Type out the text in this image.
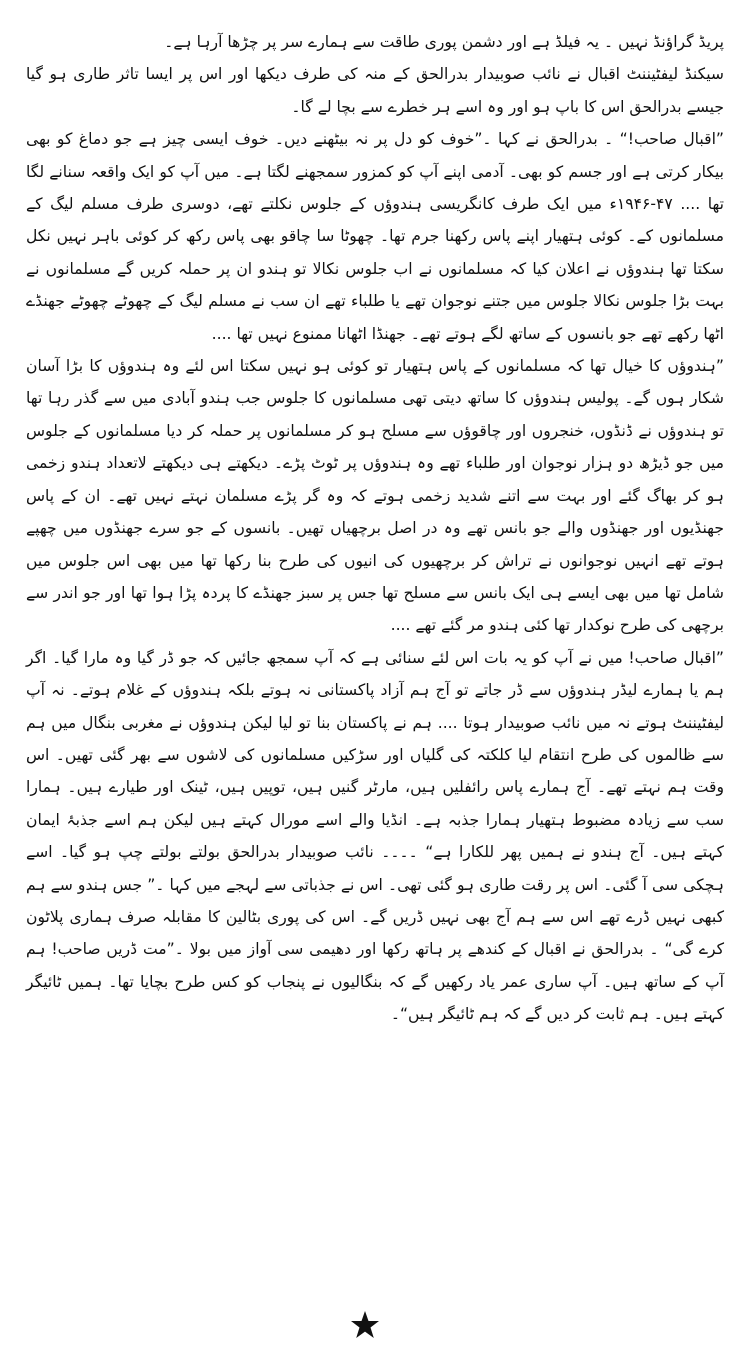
پریڈ گراؤنڈ نہیں ۔ یہ فیلڈ ہے اور دشمن پوری طاقت سے ہمارے سر پر چڑھا آرہا ہے۔

سیکنڈ لیفٹیننٹ اقبال نے نائب صوبیدار بدرالحق کے منہ کی طرف دیکھا اور اس پر ایسا تاثر طاری ہو گیا جیسے بدرالحق اس کا باپ ہو اور وہ اسے ہر خطرے سے بچا لے گا۔

”اقبال صاحب!“ ۔ بدرالحق نے کہا ۔”خوف کو دل پر نہ بیٹھنے دیں۔ خوف ایسی چیز ہے جو دماغ کو بھی بیکار کرتی ہے اور جسم کو بھی۔ آدمی اپنے آپ کو کمزور سمجھنے لگتا ہے۔ میں آپ کو ایک واقعہ سنانے لگا تھا .... ۴۷-۱۹۴۶ء میں ایک طرف کانگریسی ہندوؤں کے جلوس نکلتے تھے، دوسری طرف مسلم لیگ کے مسلمانوں کے۔ کوئی ہتھیار اپنے پاس رکھنا جرم تھا۔ چھوٹا سا چاقو بھی پاس رکھ کر کوئی باہر نہیں نکل سکتا تھا ہندوؤں نے اعلان کیا کہ مسلمانوں نے اب جلوس نکالا تو ہندو ان پر حملہ کریں گے مسلمانوں نے بہت بڑا جلوس نکالا جلوس میں جتنے نوجوان تھے یا طلباء تھے ان سب نے مسلم لیگ کے چھوٹے چھوٹے جھنڈے اٹھا رکھے تھے جو بانسوں کے ساتھ لگے ہوتے تھے۔ جھنڈا اٹھانا ممنوع نہیں تھا ....

”ہندوؤں کا خیال تھا کہ مسلمانوں کے پاس ہتھیار تو کوئی ہو نہیں سکتا اس لئے وہ ہندوؤں کا بڑا آسان شکار ہوں گے۔ پولیس ہندوؤں کا ساتھ دیتی تھی مسلمانوں کا جلوس جب ہندو آبادی میں سے گذر رہا تھا تو ہندوؤں نے ڈنڈوں، خنجروں اور چاقوؤں سے مسلح ہو کر مسلمانوں پر حملہ کر دیا مسلمانوں کے جلوس میں جو ڈیڑھ دو ہزار نوجوان اور طلباء تھے وہ ہندوؤں پر ٹوٹ پڑے۔ دیکھتے ہی دیکھتے لاتعداد ہندو زخمی ہو کر بھاگ گئے اور بہت سے اتنے شدید زخمی ہوتے کہ وہ گر پڑے مسلمان نہتے نہیں تھے۔ ان کے پاس جھنڈیوں اور جھنڈوں والے جو بانس تھے وہ در اصل برچھیاں تھیں۔ بانسوں کے جو سرے جھنڈوں میں چھپے ہوتے تھے انہیں نوجوانوں نے تراش کر برچھیوں کی انیوں کی طرح بنا رکھا تھا میں بھی اس جلوس میں شامل تھا میں بھی ایسے ہی ایک بانس سے مسلح تھا جس پر سبز جھنڈے کا پردہ پڑا ہوا تھا اور جو اندر سے برچھی کی طرح نوکدار تھا کئی ہندو مر گئے تھے ....

”اقبال صاحب! میں نے آپ کو یہ بات اس لئے سنائی ہے کہ آپ سمجھ جائیں کہ جو ڈر گیا وہ مارا گیا۔ اگر ہم یا ہمارے لیڈر ہندوؤں سے ڈر جاتے تو آج ہم آزاد پاکستانی نہ ہوتے بلکہ ہندوؤں کے غلام ہوتے۔ نہ آپ لیفٹیننٹ ہوتے نہ میں نائب صوبیدار ہوتا .... ہم نے پاکستان بنا تو لیا لیکن ہندوؤں نے مغربی بنگال میں ہم سے ظالموں کی طرح انتقام لیا کلکتہ کی گلیاں اور سڑکیں مسلمانوں کی لاشوں سے بھر گئی تھیں۔ اس وقت ہم نہتے تھے۔ آج ہمارے پاس رائفلیں ہیں، مارٹر گنیں ہیں، توپیں ہیں، ٹینک اور طیارے ہیں۔ ہمارا سب سے زیادہ مضبوط ہتھیار ہمارا جذبہ ہے۔ انڈیا والے اسے مورال کہتے ہیں لیکن ہم اسے جذبۂ ایمان کہتے ہیں۔ آج ہندو نے ہمیں پھر للکارا ہے“ ۔۔۔۔ نائب صوبیدار بدرالحق بولتے بولتے چپ ہو گیا۔ اسے ہچکی سی آ گئی۔ اس پر رقت طاری ہو گئی تھی۔ اس نے جذباتی سے لہجے میں کہا ۔” جس ہندو سے ہم کبھی نہیں ڈرے تھے اس سے ہم آج بھی نہیں ڈریں گے۔ اس کی پوری بٹالین کا مقابلہ صرف ہماری پلاٹون کرے گی“ ۔ بدرالحق نے اقبال کے کندھے پر ہاتھ رکھا اور دھیمی سی آواز میں بولا ۔”مت ڈریں صاحب! ہم آپ کے ساتھ ہیں۔ آپ ساری عمر یاد رکھیں گے کہ بنگالیوں نے پنجاب کو کس طرح بچایا تھا۔ ہمیں ٹائیگر کہتے ہیں۔ ہم ثابت کر دیں گے کہ ہم ٹائیگر ہیں“۔
